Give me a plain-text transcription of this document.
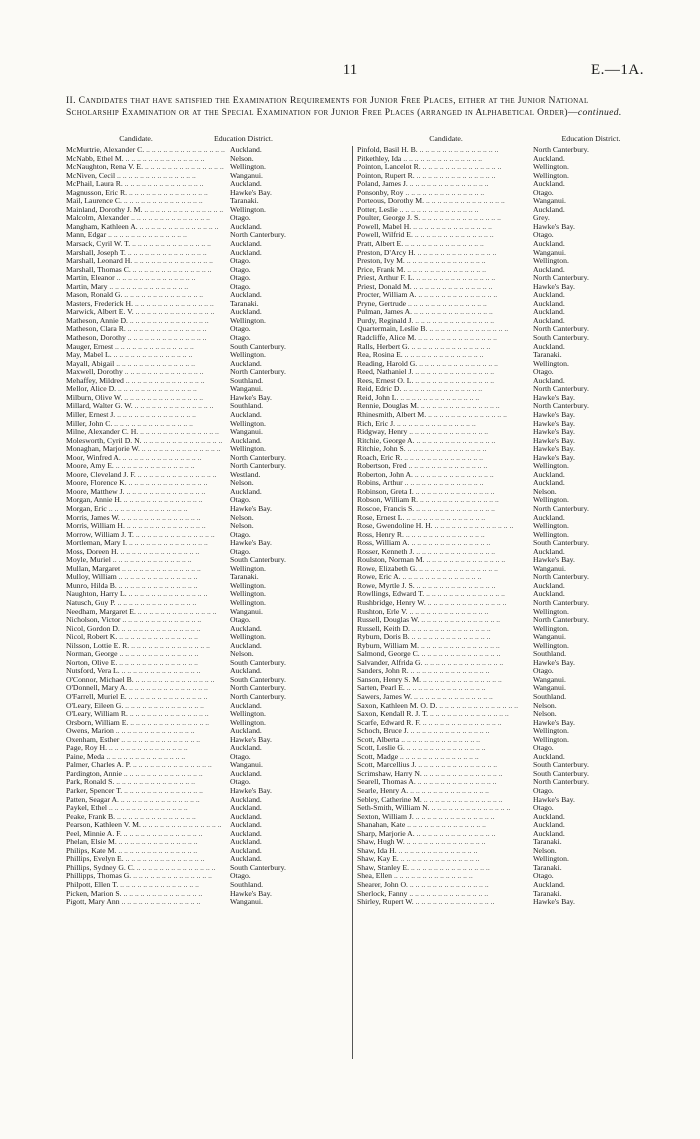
11	E.—1A.
II. Candidates that have satisfied the Examination Requirements for Junior Free Places, either at the Junior National Scholarship Examination or at the Special Examination for Junior Free Places (arranged in Alphabetical Order)—continued.
Candidate.	Education District.
McMurtrie, Alexander C. .. ..	Auckland.
McNabb, Ethel M. .. ..	Nelson.
McNaughton, Rena V. E. .. ..	Wellington.
McNiven, Cecil .. ..	Wanganui.
McPhail, Laura R. .. ..	Auckland.
Magnusson, Eric R. .. ..	Hawke's Bay.
Mail, Laurence C. .. ..	Taranaki.
Mainland, Dorothy J. M. .. ..	Wellington.
Malcolm, Alexander .. ..	Otago.
Mangham, Kathleen A. .. ..	Auckland.
Mann, Edgar .. ..	North Canterbury.
Marsack, Cyril W. T. .. ..	Auckland.
Marshall, Joseph T. .. ..	Auckland.
Marshall, Leonard H. .. ..	Otago.
Marshall, Thomas C. .. ..	Otago.
Martin, Eleanor .. ..	Otago.
Martin, Mary .. ..	Otago.
Mason, Ronald G. .. ..	Auckland.
Masters, Frederick H. .. ..	Taranaki.
Marwick, Albert E. V. .. ..	Auckland.
Matheson, Annie D. .. ..	Wellington.
Matheson, Clara R. .. ..	Otago.
Matheson, Dorothy .. ..	Otago.
Mauger, Ernest .. ..	South Canterbury.
May, Mabel L. .. ..	Wellington.
Mayall, Abigail .. ..	Auckland.
Maxwell, Dorothy .. ..	North Canterbury.
Mehaffey, Mildred .. ..	Southland.
Mellor, Alice D. .. ..	Wanganui.
Milburn, Olive W. .. ..	Hawke's Bay.
Millard, Walter G. W. .. ..	Southland.
Miller, Ernest J. .. ..	Auckland.
Miller, John C. .. ..	Wellington.
Milne, Alexander C. H. .. ..	Wanganui.
Molesworth, Cyril D. N. .. ..	Auckland.
Monaghan, Marjorie W. .. ..	Wellington.
Moor, Winfred A. .. ..	North Canterbury.
Moore, Amy E. .. ..	North Canterbury.
Moore, Cleveland J. F. .. ..	Westland.
Moore, Florence K. .. ..	Nelson.
Moore, Matthew J. .. ..	Auckland.
Morgan, Annie H. .. ..	Otago.
Morgan, Eric .. ..	Hawke's Bay.
Morris, James W. .. ..	Nelson.
Morris, William H. .. ..	Nelson.
Morrow, William J. T. .. ..	Otago.
Mortleman, Mary I. .. ..	Hawke's Bay.
Moss, Doreen H. .. ..	Otago.
Moyle, Muriel .. ..	South Canterbury.
Mullan, Margaret .. ..	Wellington.
Mulloy, William .. ..	Taranaki.
Munro, Hilda B. .. ..	Wellington.
Naughton, Harry L. .. ..	Wellington.
Natusch, Guy P. .. ..	Wellington.
Needham, Margaret E. .. ..	Wanganui.
Nicholson, Victor .. ..	Otago.
Nicol, Gordon D. .. ..	Auckland.
Nicol, Robert K. .. ..	Wellington.
Nilsson, Lottie E. R. .. ..	Auckland.
Norman, George .. ..	Nelson.
Norton, Olive E. .. ..	South Canterbury.
Nutsford, Vera L. .. ..	Auckland.
O'Connor, Michael B. .. ..	South Canterbury.
O'Donnell, Mary A. .. ..	North Canterbury.
O'Farrell, Muriel E. .. ..	North Canterbury.
O'Leary, Eileen G. .. ..	Auckland.
O'Leary, William R. .. ..	Wellington.
Orsborn, William E. .. ..	Wellington.
Owens, Marion .. ..	Auckland.
Oxenham, Esther .. ..	Hawke's Bay.
Page, Roy H. .. ..	Auckland.
Paine, Meda .. ..	Otago.
Palmer, Charles A. P. .. ..	Wanganui.
Pardington, Annie .. ..	Auckland.
Park, Ronald S. .. ..	Otago.
Parker, Spencer T. .. ..	Hawke's Bay.
Patten, Seagar A. .. ..	Auckland.
Paykel, Ethel .. ..	Auckland.
Peake, Frank B. .. ..	Auckland.
Pearson, Kathleen V. M. .. ..	Auckland.
Peel, Minnie A. F. .. ..	Auckland.
Phelan, Elsie M. .. ..	Auckland.
Philips, Kate M. .. ..	Auckland.
Phillips, Evelyn E. .. ..	Auckland.
Phillips, Sydney G. C. .. ..	South Canterbury.
Phillipps, Thomas G. .. ..	Otago.
Philpott, Ellen T. .. ..	Southland.
Picken, Marion S. .. ..	Hawke's Bay.
Pigott, Mary Ann .. ..	Wanganui.
Candidate.	Education District.
Pinfold, Basil H. B. .. ..	North Canterbury.
Pitkethley, Ida .. ..	Auckland.
Pointon, Lancelot R. .. ..	Wellington.
Pointon, Rupert R. .. ..	Wellington.
Poland, James J. .. ..	Auckland.
Ponsonby, Roy .. ..	Otago.
Porteous, Dorothy M. .. ..	Wanganui.
Potter, Leslie .. ..	Auckland.
Poulter, George J. S. .. ..	Grey.
Powell, Mabel H. .. ..	Hawke's Bay.
Powell, Wilfrid E. .. ..	Otago.
Pratt, Albert E. .. ..	Auckland.
Preston, D'Arcy H. .. ..	Wanganui.
Preston, Ivy M. .. ..	Wellington.
Price, Frank M. .. ..	Auckland.
Priest, Arthur F. L. .. ..	North Canterbury.
Priest, Donald M. .. ..	Hawke's Bay.
Procter, William A. .. ..	Auckland.
Pryne, Gertrude .. ..	Auckland.
Pulman, James A. .. ..	Auckland.
Purdy, Reginald J. .. ..	Auckland.
Quartermain, Leslie B. .. ..	North Canterbury.
Radcliffe, Alice M. .. ..	South Canterbury.
Ralls, Herbert G. .. ..	Auckland.
Rea, Rosina E. .. ..	Taranaki.
Reading, Harold G. .. ..	Wellington.
Reed, Nathaniel J. .. ..	Otago.
Rees, Ernest O. L. .. ..	Auckland.
Reid, Edric D. .. ..	North Canterbury.
Reid, John L. .. ..	Hawke's Bay.
Rennie, Douglas M. .. ..	North Canterbury.
Rhinesmith, Albert M. .. ..	Hawke's Bay.
Rich, Eric J. .. ..	Hawke's Bay.
Ridgway, Henry .. ..	Hawke's Bay.
Ritchie, George A. .. ..	Hawke's Bay.
Ritchie, John S. .. ..	Hawke's Bay.
Roach, Eric R. .. ..	Hawke's Bay.
Robertson, Fred .. ..	Wellington.
Roberton, John A. .. ..	Auckland.
Robins, Arthur .. ..	Auckland.
Robinson, Greta I. .. ..	Nelson.
Robson, William R. .. ..	Wellington.
Roscoe, Francis S. .. ..	North Canterbury.
Rose, Ernest L. .. ..	Auckland.
Rose, Gwendoline H. H. .. ..	Wellington.
Ross, Henry R. .. ..	Wellington.
Ross, William A. .. ..	South Canterbury.
Rosser, Kenneth J. .. ..	Auckland.
Roulston, Norman M. .. ..	Hawke's Bay.
Rowe, Elizabeth G. .. ..	Wanganui.
Rowe, Eric A. .. ..	North Canterbury.
Rowe, Myrtle J. S. .. ..	Auckland.
Rowllings, Edward T. .. ..	Auckland.
Rushbridge, Henry W. .. ..	North Canterbury.
Rushton, Erle V. .. ..	Wellington.
Russell, Douglas W. .. ..	North Canterbury.
Russell, Keith D. .. ..	Wellington.
Ryburn, Doris B. .. ..	Wanganui.
Ryburn, William M. .. ..	Wellington.
Salmond, George C. .. ..	Southland.
Salvander, Alfrida G. .. ..	Hawke's Bay.
Sanders, John R. .. ..	Otago.
Sanson, Henry S. M. .. ..	Wanganui.
Sarten, Pearl E. .. ..	Wanganui.
Sawers, James W. .. ..	Southland.
Saxon, Kathleen M. O. D. .. ..	Nelson.
Saxon, Kendall R. J. T. .. ..	Nelson.
Scarfe, Edward R. F. .. ..	Hawke's Bay.
Schoch, Bruce J. .. ..	Wellington.
Scott, Alberta .. ..	Wellington.
Scott, Leslie G. .. ..	Otago.
Scott, Madge .. ..	Auckland.
Scott, Marcellius J. .. ..	South Canterbury.
Scrimshaw, Harry N. .. ..	South Canterbury.
Searell, Thomas A. .. ..	North Canterbury.
Searle, Henry A. .. ..	Otago.
Sebley, Catherine M. .. ..	Hawke's Bay.
Seth-Smith, William N. .. ..	Otago.
Sexton, William J. .. ..	Auckland.
Shanahan, Kate .. ..	Auckland.
Sharp, Marjorie A. .. ..	Auckland.
Shaw, Hugh W. .. ..	Taranaki.
Shaw, Ida H. .. ..	Nelson.
Shaw, Kay E. .. ..	Wellington.
Shaw, Stanley E. .. ..	Taranaki.
Shea, Ellen .. ..	Otago.
Shearer, John O. .. ..	Auckland.
Sherlock, Fanny .. ..	Taranaki.
Shirley, Rupert W. .. ..	Hawke's Bay.
